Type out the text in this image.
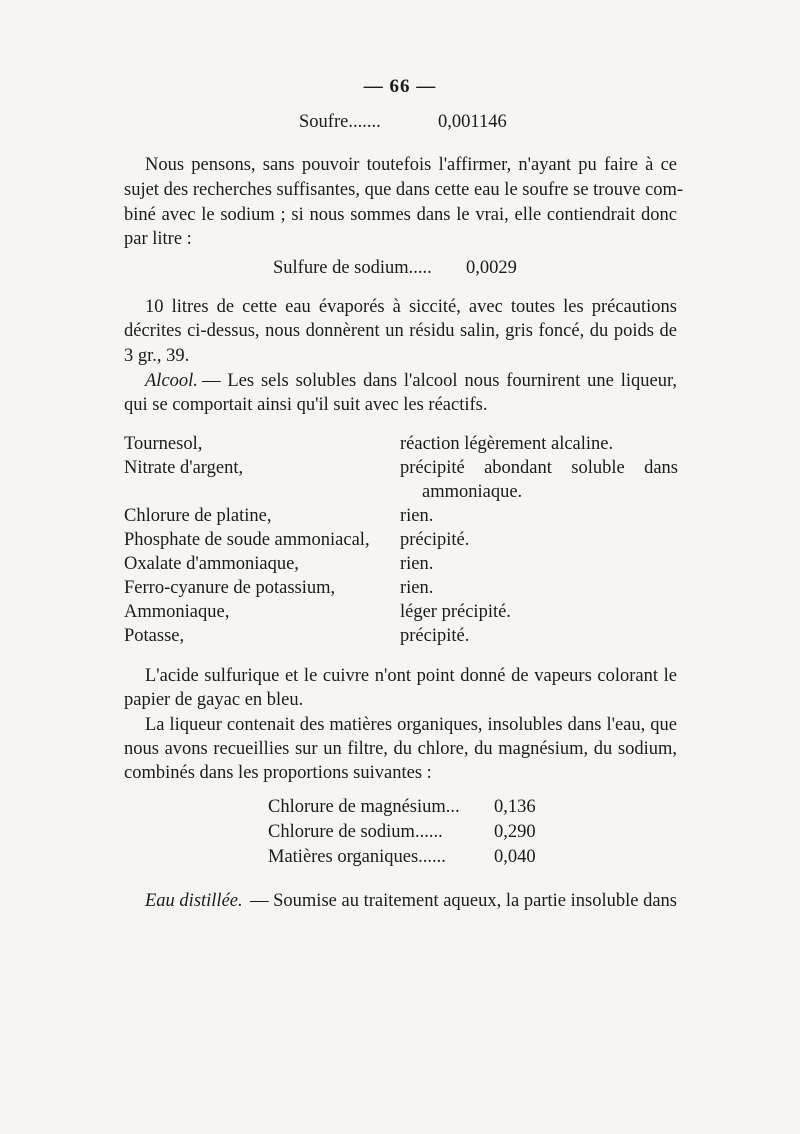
— 66 —
Soufre.......	0,001146
Nous pensons, sans pouvoir toutefois l'affirmer, n'ayant pu faire à ce
sujet des recherches suffisantes, que dans cette eau le soufre se trouve com-
biné avec le sodium ; si nous sommes dans le vrai, elle contiendrait donc
par litre :
Sulfure de sodium..... 0,0029
10 litres de cette eau évaporés à siccité, avec toutes les précautions
décrites ci-dessus, nous donnèrent un résidu salin, gris foncé, du poids de
3 gr., 39.
Alcool. — Les sels solubles dans l'alcool nous fournirent une liqueur,
qui se comportait ainsi qu'il suit avec les réactifs.
Tournesol,	réaction légèrement alcaline.
Nitrate d'argent,	précipité abondant soluble dans
ammoniaque.
Chlorure de platine,	rien.
Phosphate de soude ammoniacal, précipité.
Oxalate d'ammoniaque,	rien.
Ferro-cyanure de potassium,	rien.
Ammoniaque,	léger précipité.
Potasse,	précipité.
L'acide sulfurique et le cuivre n'ont point donné de vapeurs colorant le
papier de gayac en bleu.
La liqueur contenait des matières organiques, insolubles dans l'eau, que
nous avons recueillies sur un filtre, du chlore, du magnésium, du sodium,
combinés dans les proportions suivantes :
Chlorure de magnésium... 0,136
Chlorure de sodium......	0,290
Matières organiques......	0,040
Eau distillée. — Soumise au traitement aqueux, la partie insoluble dans
